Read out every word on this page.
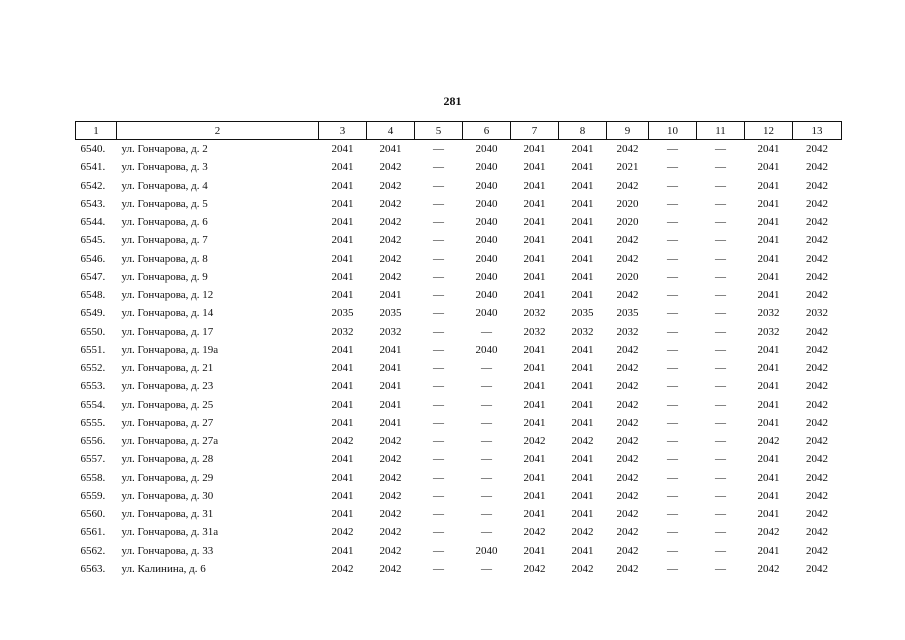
281
1	2	3	4	5	6	7	8	9	10	11	12	13
6540.	ул. Гончарова, д. 2	2041	2041	—	2040	2041	2041	2042	—	—	2041	2042
6541.	ул. Гончарова, д. 3	2041	2042	—	2040	2041	2041	2021	—	—	2041	2042
6542.	ул. Гончарова, д. 4	2041	2042	—	2040	2041	2041	2042	—	—	2041	2042
6543.	ул. Гончарова, д. 5	2041	2042	—	2040	2041	2041	2020	—	—	2041	2042
6544.	ул. Гончарова, д. 6	2041	2042	—	2040	2041	2041	2020	—	—	2041	2042
6545.	ул. Гончарова, д. 7	2041	2042	—	2040	2041	2041	2042	—	—	2041	2042
6546.	ул. Гончарова, д. 8	2041	2042	—	2040	2041	2041	2042	—	—	2041	2042
6547.	ул. Гончарова, д. 9	2041	2042	—	2040	2041	2041	2020	—	—	2041	2042
6548.	ул. Гончарова, д. 12	2041	2041	—	2040	2041	2041	2042	—	—	2041	2042
6549.	ул. Гончарова, д. 14	2035	2035	—	2040	2032	2035	2035	—	—	2032	2032
6550.	ул. Гончарова, д. 17	2032	2032	—	—	2032	2032	2032	—	—	2032	2042
6551.	ул. Гончарова, д. 19а	2041	2041	—	2040	2041	2041	2042	—	—	2041	2042
6552.	ул. Гончарова, д. 21	2041	2041	—	—	2041	2041	2042	—	—	2041	2042
6553.	ул. Гончарова, д. 23	2041	2041	—	—	2041	2041	2042	—	—	2041	2042
6554.	ул. Гончарова, д. 25	2041	2041	—	—	2041	2041	2042	—	—	2041	2042
6555.	ул. Гончарова, д. 27	2041	2041	—	—	2041	2041	2042	—	—	2041	2042
6556.	ул. Гончарова, д. 27а	2042	2042	—	—	2042	2042	2042	—	—	2042	2042
6557.	ул. Гончарова, д. 28	2041	2042	—	—	2041	2041	2042	—	—	2041	2042
6558.	ул. Гончарова, д. 29	2041	2042	—	—	2041	2041	2042	—	—	2041	2042
6559.	ул. Гончарова, д. 30	2041	2042	—	—	2041	2041	2042	—	—	2041	2042
6560.	ул. Гончарова, д. 31	2041	2042	—	—	2041	2041	2042	—	—	2041	2042
6561.	ул. Гончарова, д. 31а	2042	2042	—	—	2042	2042	2042	—	—	2042	2042
6562.	ул. Гончарова, д. 33	2041	2042	—	2040	2041	2041	2042	—	—	2041	2042
6563.	ул. Калинина, д. 6	2042	2042	—	—	2042	2042	2042	—	—	2042	2042
